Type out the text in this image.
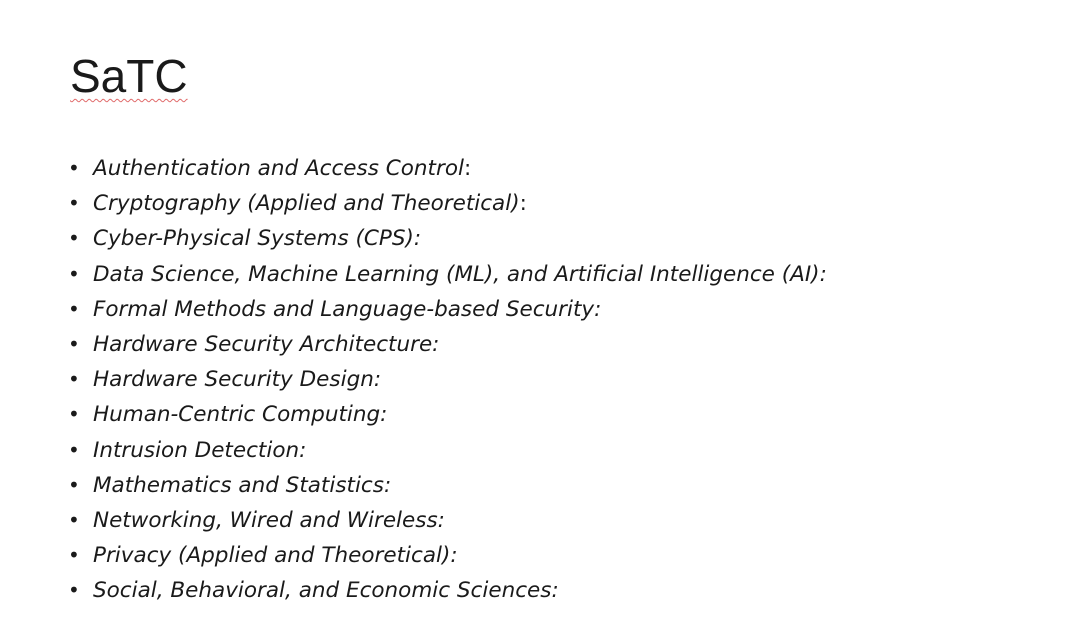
SaTC
• Authentication and Access Control :
• Cryptography (Applied and Theoretical) :
• Cyber-Physical Systems (CPS):
• Data Science, Machine Learning (ML), and Artificial Intelligence (AI):
• Formal Methods and Language-based Security:
• Hardware Security Architecture:
• Hardware Security Design:
• Human-Centric Computing:
• Intrusion Detection:
• Mathematics and Statistics:
• Networking, Wired and Wireless:
• Privacy (Applied and Theoretical):
• Social, Behavioral, and Economic Sciences:
